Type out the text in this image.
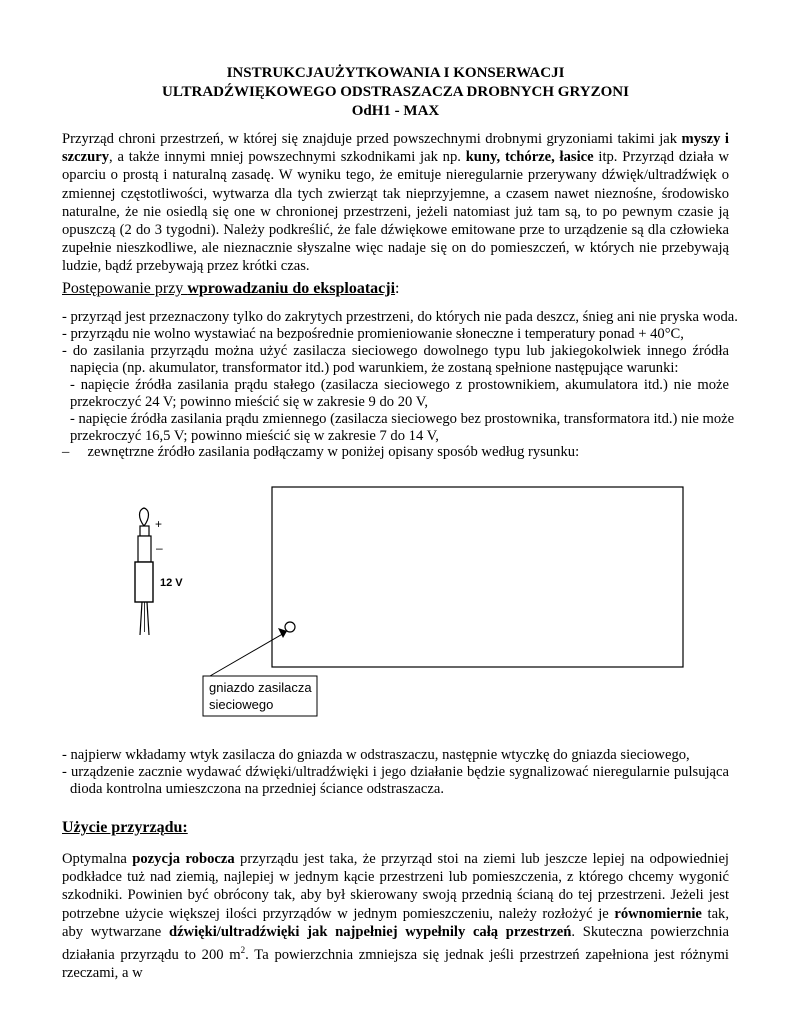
INSTRUKCJAUŻYTKOWANIA I KONSERWACJI
ULTRADŹWIĘKOWEGO ODSTRASZACZA DROBNYCH GRYZONI
OdH1 - MAX
Przyrząd chroni przestrzeń, w której się znajduje przed powszechnymi drobnymi gryzoniami takimi jak myszy i szczury, a także innymi mniej powszechnymi szkodnikami jak np. kuny, tchórze, łasice itp. Przyrząd działa w oparciu o prostą i naturalną zasadę. W wyniku tego, że emituje nieregularnie przerywany dźwięk/ultradźwięk o zmiennej częstotliwości, wytwarza dla tych zwierząt tak nieprzyjemne, a czasem nawet nieznośne, środowisko naturalne, że nie osiedlą się one w chronionej przestrzeni, jeżeli natomiast już tam są, to po pewnym czasie ją opuszczą (2 do 3 tygodni). Należy podkreślić, że fale dźwiękowe emitowane prze to urządzenie są dla człowieka zupełnie nieszkodliwe, ale nieznacznie słyszalne więc nadaje się on do pomieszczeń, w których nie przebywają ludzie, bądź przebywają przez krótki czas.
Postępowanie przy wprowadzaniu do eksploatacji:
- przyrząd jest przeznaczony tylko do zakrytych przestrzeni, do których nie pada deszcz, śnieg ani nie pryska woda.
- przyrządu nie wolno wystawiać na bezpośrednie promieniowanie słoneczne i temperatury ponad + 40°C,
- do zasilania przyrządu można użyć zasilacza sieciowego dowolnego typu lub jakiegokolwiek innego źródła
napięcia (np. akumulator, transformator itd.) pod warunkiem, że zostaną spełnione następujące warunki:
- napięcie źródła zasilania prądu stałego (zasilacza sieciowego z prostownikiem, akumulatora itd.) nie może
przekroczyć 24 V; powinno mieścić się w zakresie 9 do 20 V,
- napięcie źródła zasilania prądu zmiennego (zasilacza sieciowego bez prostownika, transformatora itd.) nie może
przekroczyć 16,5 V; powinno mieścić się w zakresie 7 do 14 V,
–     zewnętrzne źródło zasilania podłączamy w poniżej opisany sposób według rysunku:
+
–
12 V
gniazdo zasilacza
sieciowego
- najpierw wkładamy wtyk zasilacza do gniazda w odstraszaczu, następnie wtyczkę do gniazda sieciowego,
- urządzenie zacznie wydawać dźwięki/ultradźwięki i jego działanie będzie sygnalizować nieregularnie pulsująca
dioda kontrolna umieszczona na przedniej ściance odstraszacza.
Użycie przyrządu:
Optymalna pozycja robocza przyrządu jest taka, że przyrząd stoi na ziemi lub jeszcze lepiej na odpowiedniej podkładce tuż nad ziemią, najlepiej w jednym kącie przestrzeni lub pomieszczenia, z którego chcemy wygonić szkodniki. Powinien być obrócony tak, aby był skierowany swoją przednią ścianą do tej przestrzeni. Jeżeli jest potrzebne użycie większej ilości przyrządów w jednym pomieszczeniu, należy rozłożyć je równomiernie tak, aby wytwarzane dźwięki/ultradźwięki jak najpełniej wypełnily całą przestrzeń. Skuteczna powierzchnia działania przyrządu to 200 $m^2$. Ta powierzchnia zmniejsza się jednak jeśli przestrzeń zapełniona jest różnymi rzeczami, a w
